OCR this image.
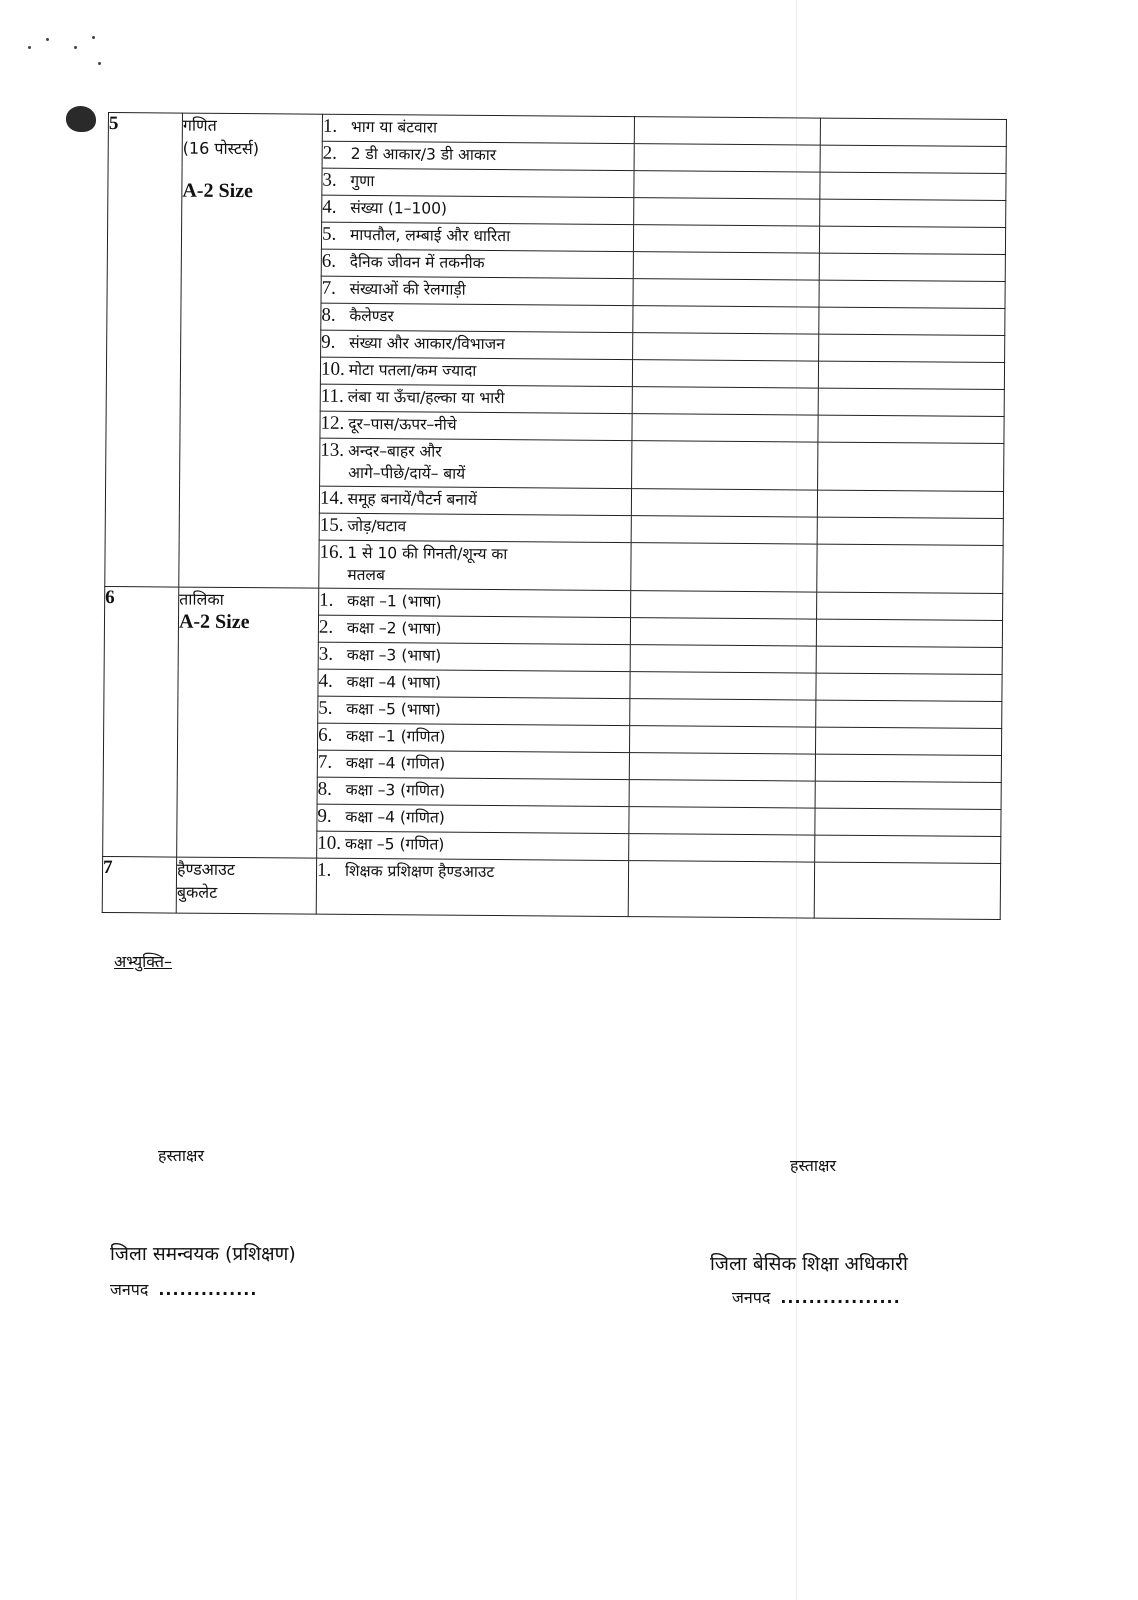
5	गणित
(16 पोस्टर्स)
A-2 Size	1. भाग या बंटवारा		
		2. 2 डी आकार/3 डी आकार		
		3. गुणा		
		4. संख्या (1–100)		
		5. मापतौल, लम्बाई और धारिता		
		6. दैनिक जीवन में तकनीक		
		7. संख्याओं की रेलगाड़ी		
		8. कैलेण्डर		
		9. संख्या और आकार/विभाजन		
		10. मोटा पतला/कम ज्यादा		
		11. लंबा या ऊँचा/हल्का या भारी		
		12. दूर–पास/ऊपर–नीचे		
		13. अन्दर–बाहर और
आगे–पीछे/दायें– बायें		

		14. समूह बनायें/पैटर्न बनायें		
		15. जोड़/घटाव		
		16. 1 से 10 की गिनती/शून्य का
मतलब		

6	तालिका
A-2 Size	1. कक्षा –1 (भाषा)		
		2. कक्षा –2 (भाषा)		
		3. कक्षा –3 (भाषा)		
		4. कक्षा –4 (भाषा)		
		5. कक्षा –5 (भाषा)		
		6. कक्षा –1 (गणित)		
		7. कक्षा –4 (गणित)		
		8. कक्षा –3 (गणित)		
		9. कक्षा –4 (गणित)		
		10. कक्षा –5 (गणित)		
7	हैण्डआउट
बुकलेट	1. शिक्षक प्रशिक्षण हैण्डआउट		
अभ्युक्ति–
हस्ताक्षर
जिला समन्वयक (प्रशिक्षण)
जनपद ..............
हस्ताक्षर
जिला बेसिक शिक्षा अधिकारी
जनपद .................
